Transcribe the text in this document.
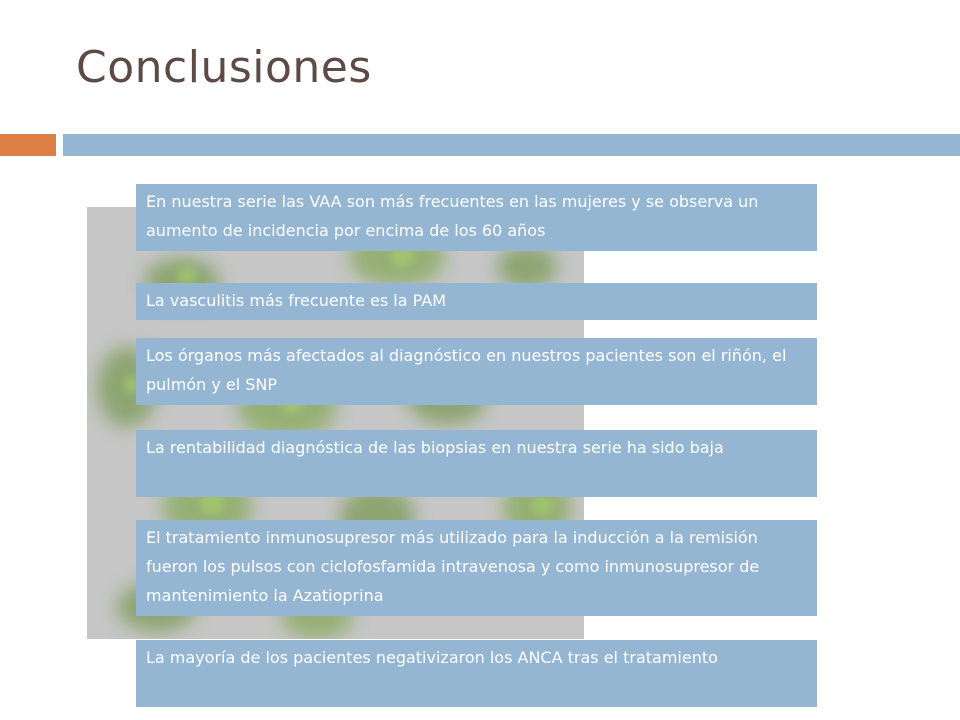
Conclusiones
En nuestra serie las VAA son más frecuentes en las mujeres y se observa un aumento de incidencia por encima de los 60 años
La vasculitis más frecuente es la PAM
Los órganos más afectados al diagnóstico en nuestros pacientes son el riñón, el pulmón y el SNP
La rentabilidad diagnóstica de las biopsias en nuestra serie ha sido baja
El tratamiento inmunosupresor más utilizado para la inducción a la remisión fueron los pulsos con ciclofosfamida intravenosa y como inmunosupresor de mantenimiento la Azatioprina
La mayoría de los pacientes negativizaron los ANCA tras el tratamiento
